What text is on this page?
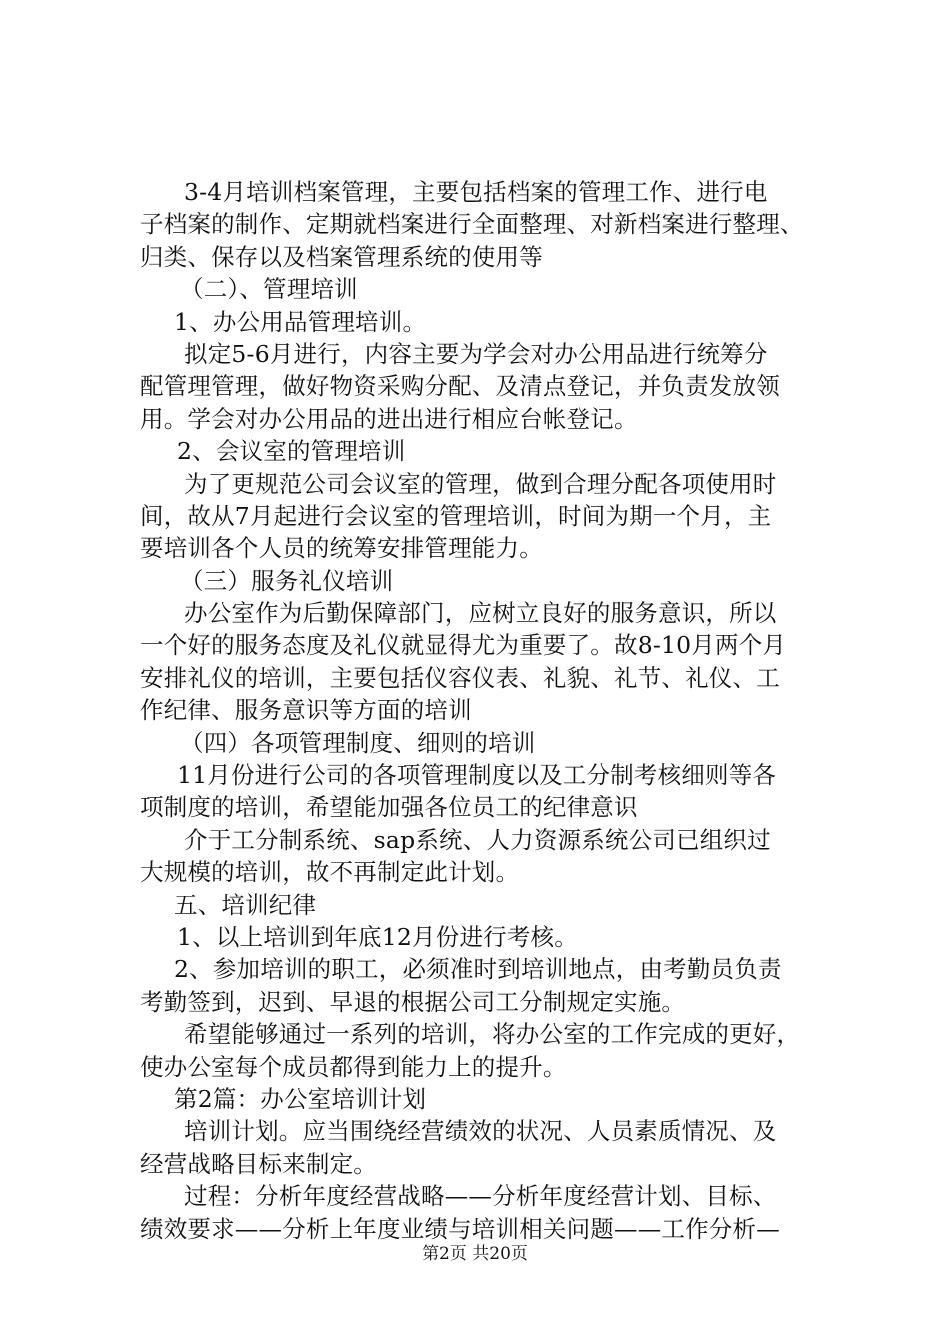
3-4月培训档案管理，主要包括档案的管理工作、进行电
子档案的制作、定期就档案进行全面整理、对新档案进行整理、
归类、保存以及档案管理系统的使用等
（二）、管理培训
1、办公用品管理培训。
拟定5-6月进行，内容主要为学会对办公用品进行统筹分
配管理管理，做好物资采购分配、及清点登记，并负责发放领
用。学会对办公用品的进出进行相应台帐登记。
2、会议室的管理培训
为了更规范公司会议室的管理，做到合理分配各项使用时
间，故从7月起进行会议室的管理培训，时间为期一个月，主
要培训各个人员的统筹安排管理能力。
（三）服务礼仪培训
办公室作为后勤保障部门，应树立良好的服务意识，所以
一个好的服务态度及礼仪就显得尤为重要了。故8-10月两个月
安排礼仪的培训，主要包括仪容仪表、礼貌、礼节、礼仪、工
作纪律、服务意识等方面的培训
（四）各项管理制度、细则的培训
11月份进行公司的各项管理制度以及工分制考核细则等各
项制度的培训，希望能加强各位员工的纪律意识
介于工分制系统、sap系统、人力资源系统公司已组织过
大规模的培训，故不再制定此计划。
五、培训纪律
1、以上培训到年底12月份进行考核。
2、参加培训的职工，必须准时到培训地点，由考勤员负责
考勤签到，迟到、早退的根据公司工分制规定实施。
希望能够通过一系列的培训，将办公室的工作完成的更好，
使办公室每个成员都得到能力上的提升。
第2篇：办公室培训计划
培训计划。应当围绕经营绩效的状况、人员素质情况、及
经营战略目标来制定。
过程：分析年度经营战略——分析年度经营计划、目标、
绩效要求——分析上年度业绩与培训相关问题——工作分析—
第2页 共20页
